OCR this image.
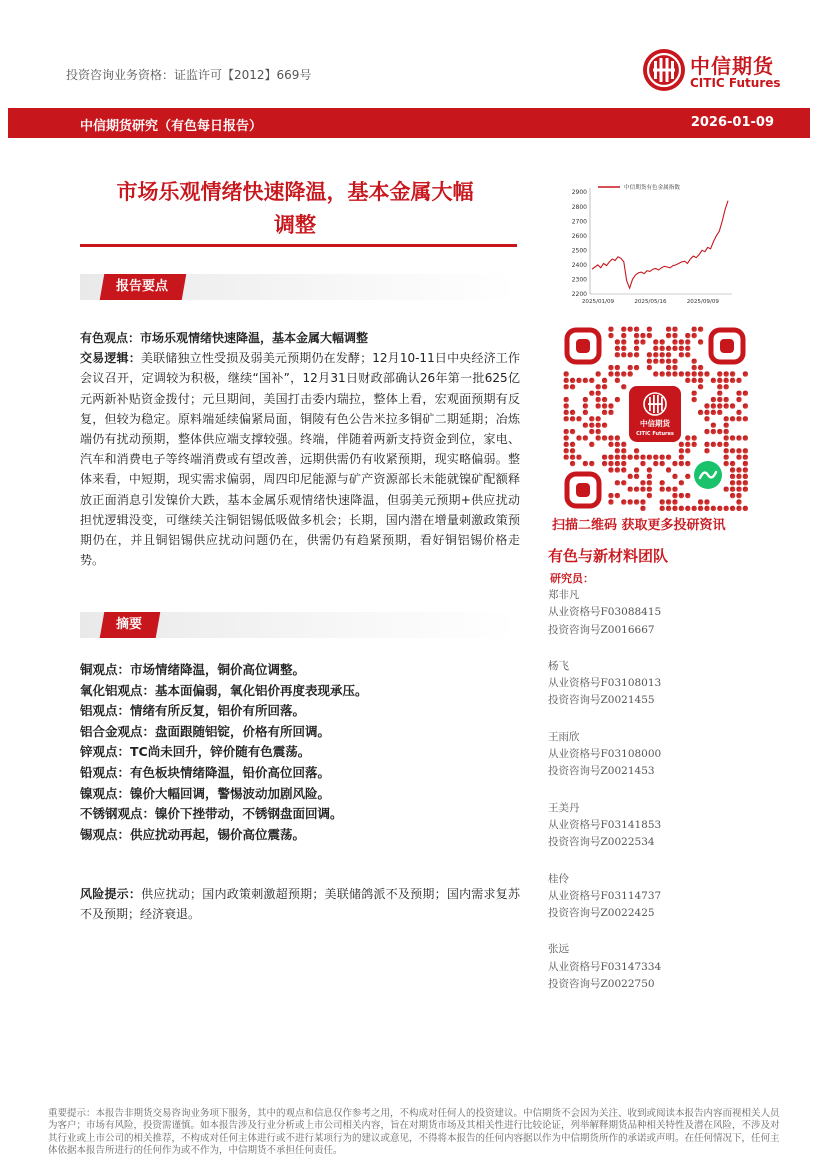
投资咨询业务资格：证监许可【2012】669号	中信期货
CITIC Futures
中信期货研究（有色每日报告）	2026-01-09
市场乐观情绪快速降温，基本金属大幅
调整
报告要点
有色观点：市场乐观情绪快速降温，基本金属大幅调整
交易逻辑：美联储独立性受损及弱美元预期仍在发酵；12月10-11日中央经济工作会议召开，定调较为积极，继续“国补”，12月31日财政部确认26年第一批625亿元两新补贴资金拨付；元旦期间，美国打击委内瑞拉，整体上看，宏观面预期有反复，但较为稳定。原料端延续偏紧局面，铜陵有色公告米拉多铜矿二期延期；冶炼端仍有扰动预期，整体供应端支撑较强。终端，伴随着两新支持资金到位，家电、汽车和消费电子等终端消费或有望改善，远期供需仍有收紧预期，现实略偏弱。整体来看，中短期，现实需求偏弱，周四印尼能源与矿产资源部长未能就镍矿配额释放正面消息引发镍价大跌，基本金属乐观情绪快速降温，但弱美元预期+供应扰动担忧逻辑没变，可继续关注铜铝锡低吸做多机会；长期，国内潜在增量刺激政策预期仍在，并且铜铝锡供应扰动问题仍在，供需仍有趋紧预期，看好铜铝锡价格走势。
摘要
铜观点：市场情绪降温，铜价高位调整。
氧化铝观点：基本面偏弱，氧化铝价再度表现承压。
铝观点：情绪有所反复，铝价有所回落。
铝合金观点：盘面跟随铝锭，价格有所回调。
锌观点：TC尚未回升，锌价随有色震荡。
铅观点：有色板块情绪降温，铅价高位回落。
镍观点：镍价大幅回调，警惕波动加剧风险。
不锈钢观点：镍价下挫带动，不锈钢盘面回调。
锡观点：供应扰动再起，锡价高位震荡。
风险提示：供应扰动；国内政策刺激超预期；美联储鸽派不及预期；国内需求复苏不及预期；经济衰退。
2200
2300
2400
2500
2600
2700
2800
2900
2025/01/09	2025/05/16	2025/09/09
中信期货有色金属指数
中信期货
CITIC Futures
扫描二维码 获取更多投研资讯
有色与新材料团队
研究员：
郑非凡
从业资格号F03088415
投资咨询号Z0016667
杨飞
从业资格号F03108013
投资咨询号Z0021455
王雨欣
从业资格号F03108000
投资咨询号Z0021453
王美丹
从业资格号F03141853
投资咨询号Z0022534
桂伶
从业资格号F03114737
投资咨询号Z0022425
张远
从业资格号F03147334
投资咨询号Z0022750
重要提示：本报告非期货交易咨询业务项下服务，其中的观点和信息仅作参考之用，不构成对任何人的投资建议。中信期货不会因为关注、收到或阅读本报告内容而视相关人员为客户；市场有风险，投资需谨慎。如本报告涉及行业分析或上市公司相关内容，旨在对期货市场及其相关性进行比较论证，列举解释期货品种相关特性及潜在风险，不涉及对其行业或上市公司的相关推荐，不构成对任何主体进行或不进行某项行为的建议或意见，不得将本报告的任何内容据以作为中信期货所作的承诺或声明。在任何情况下，任何主体依据本报告所进行的任何作为或不作为，中信期货不承担任何责任。
